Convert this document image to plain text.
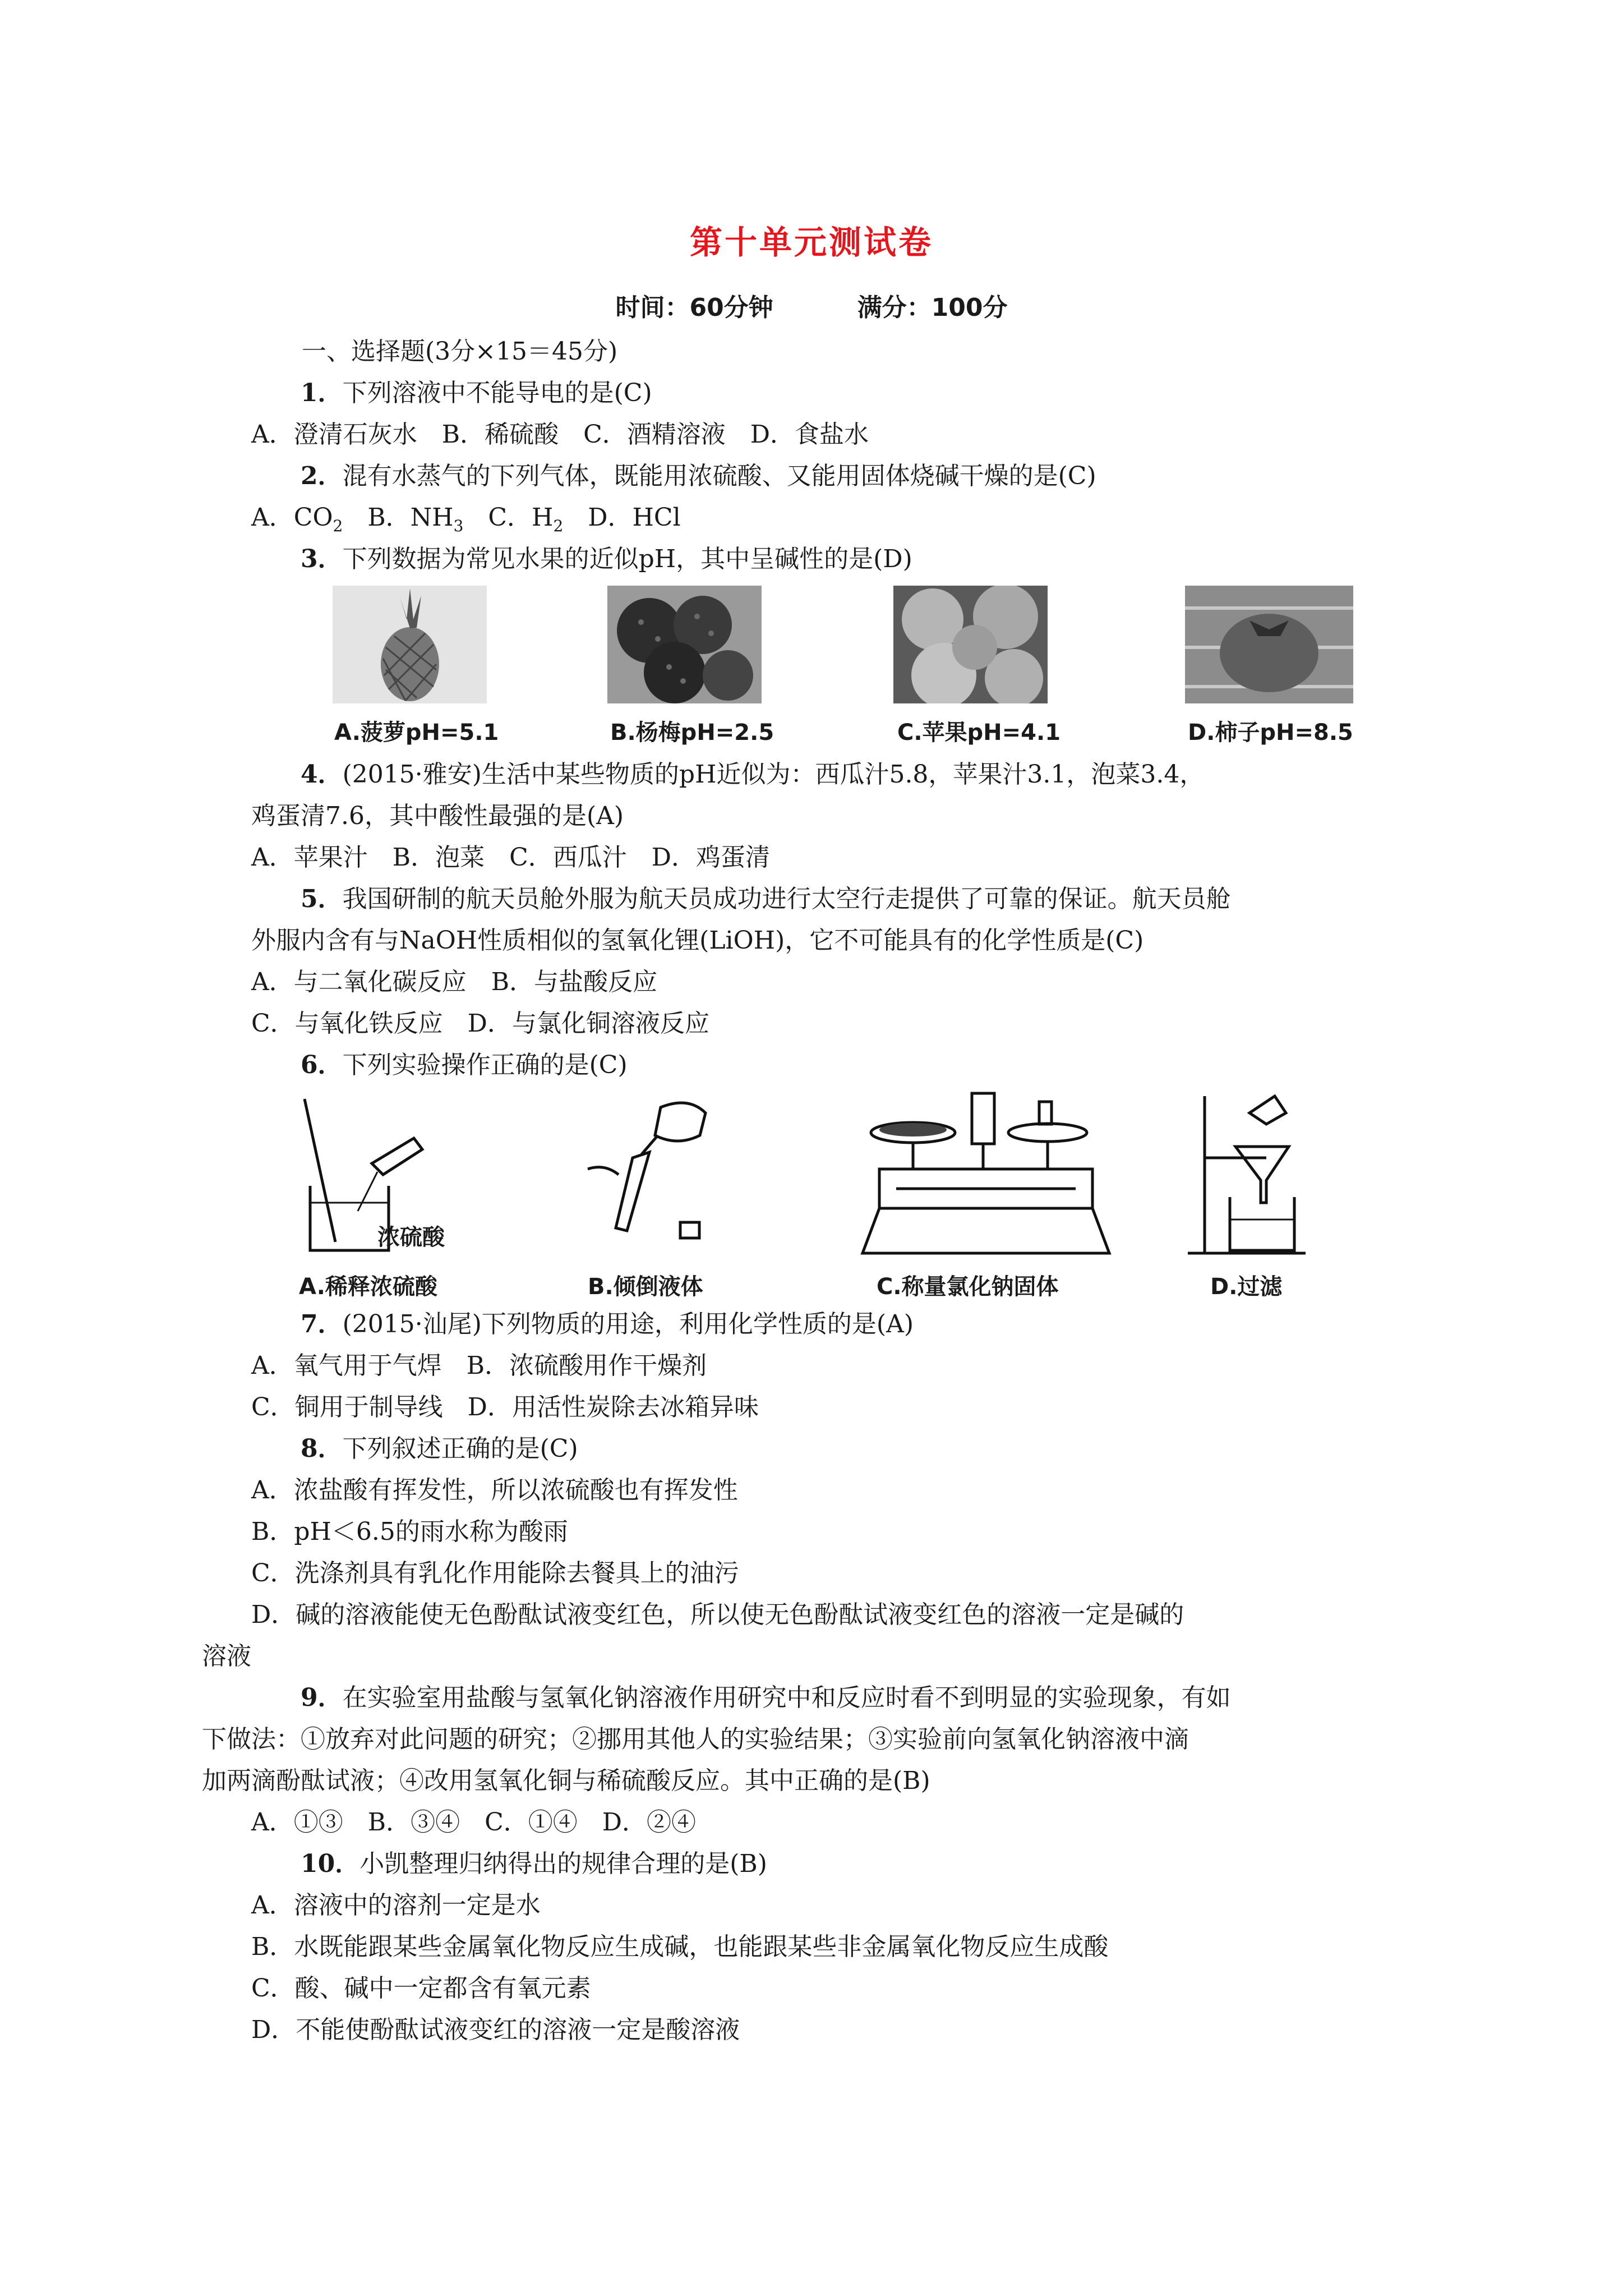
第十单元测试卷
时间：60分钟	满分：100分
一、选择题(3分×15＝45分)
1．下列溶液中不能导电的是(C)
A．澄清石灰水　B．稀硫酸　C．酒精溶液　D．食盐水
2．混有水蒸气的下列气体，既能用浓硫酸、又能用固体烧碱干燥的是(C)
A．$CO_2$　B．$NH_3$　C．$H_2$　D．HCl
3．下列数据为常见水果的近似pH，其中呈碱性的是(D)
A.菠萝pH=5.1	B.杨梅pH=2.5	C.苹果pH=4.1	D.柿子pH=8.5
4．(2015·雅安)生活中某些物质的pH近似为：西瓜汁5.8，苹果汁3.1，泡菜3.4，
鸡蛋清7.6，其中酸性最强的是(A)
A．苹果汁　B．泡菜　C．西瓜汁　D．鸡蛋清
5．我国研制的航天员舱外服为航天员成功进行太空行走提供了可靠的保证。航天员舱
外服内含有与NaOH性质相似的氢氧化锂(LiOH)，它不可能具有的化学性质是(C)
A．与二氧化碳反应　B．与盐酸反应
C．与氧化铁反应　D．与氯化铜溶液反应
6．下列实验操作正确的是(C)
浓硫酸
A.稀释浓硫酸	B.倾倒液体	C.称量氯化钠固体	D.过滤
7．(2015·汕尾)下列物质的用途，利用化学性质的是(A)
A．氧气用于气焊　B．浓硫酸用作干燥剂
C．铜用于制导线　D．用活性炭除去冰箱异味
8．下列叙述正确的是(C)
A．浓盐酸有挥发性，所以浓硫酸也有挥发性
B．pH＜6.5的雨水称为酸雨
C．洗涤剂具有乳化作用能除去餐具上的油污
D．碱的溶液能使无色酚酞试液变红色，所以使无色酚酞试液变红色的溶液一定是碱的
溶液
9．在实验室用盐酸与氢氧化钠溶液作用研究中和反应时看不到明显的实验现象，有如
下做法：①放弃对此问题的研究；②挪用其他人的实验结果；③实验前向氢氧化钠溶液中滴
加两滴酚酞试液；④改用氢氧化铜与稀硫酸反应。其中正确的是(B)
A．①③　B．③④　C．①④　D．②④
10．小凯整理归纳得出的规律合理的是(B)
A．溶液中的溶剂一定是水
B．水既能跟某些金属氧化物反应生成碱，也能跟某些非金属氧化物反应生成酸
C．酸、碱中一定都含有氧元素
D．不能使酚酞试液变红的溶液一定是酸溶液
